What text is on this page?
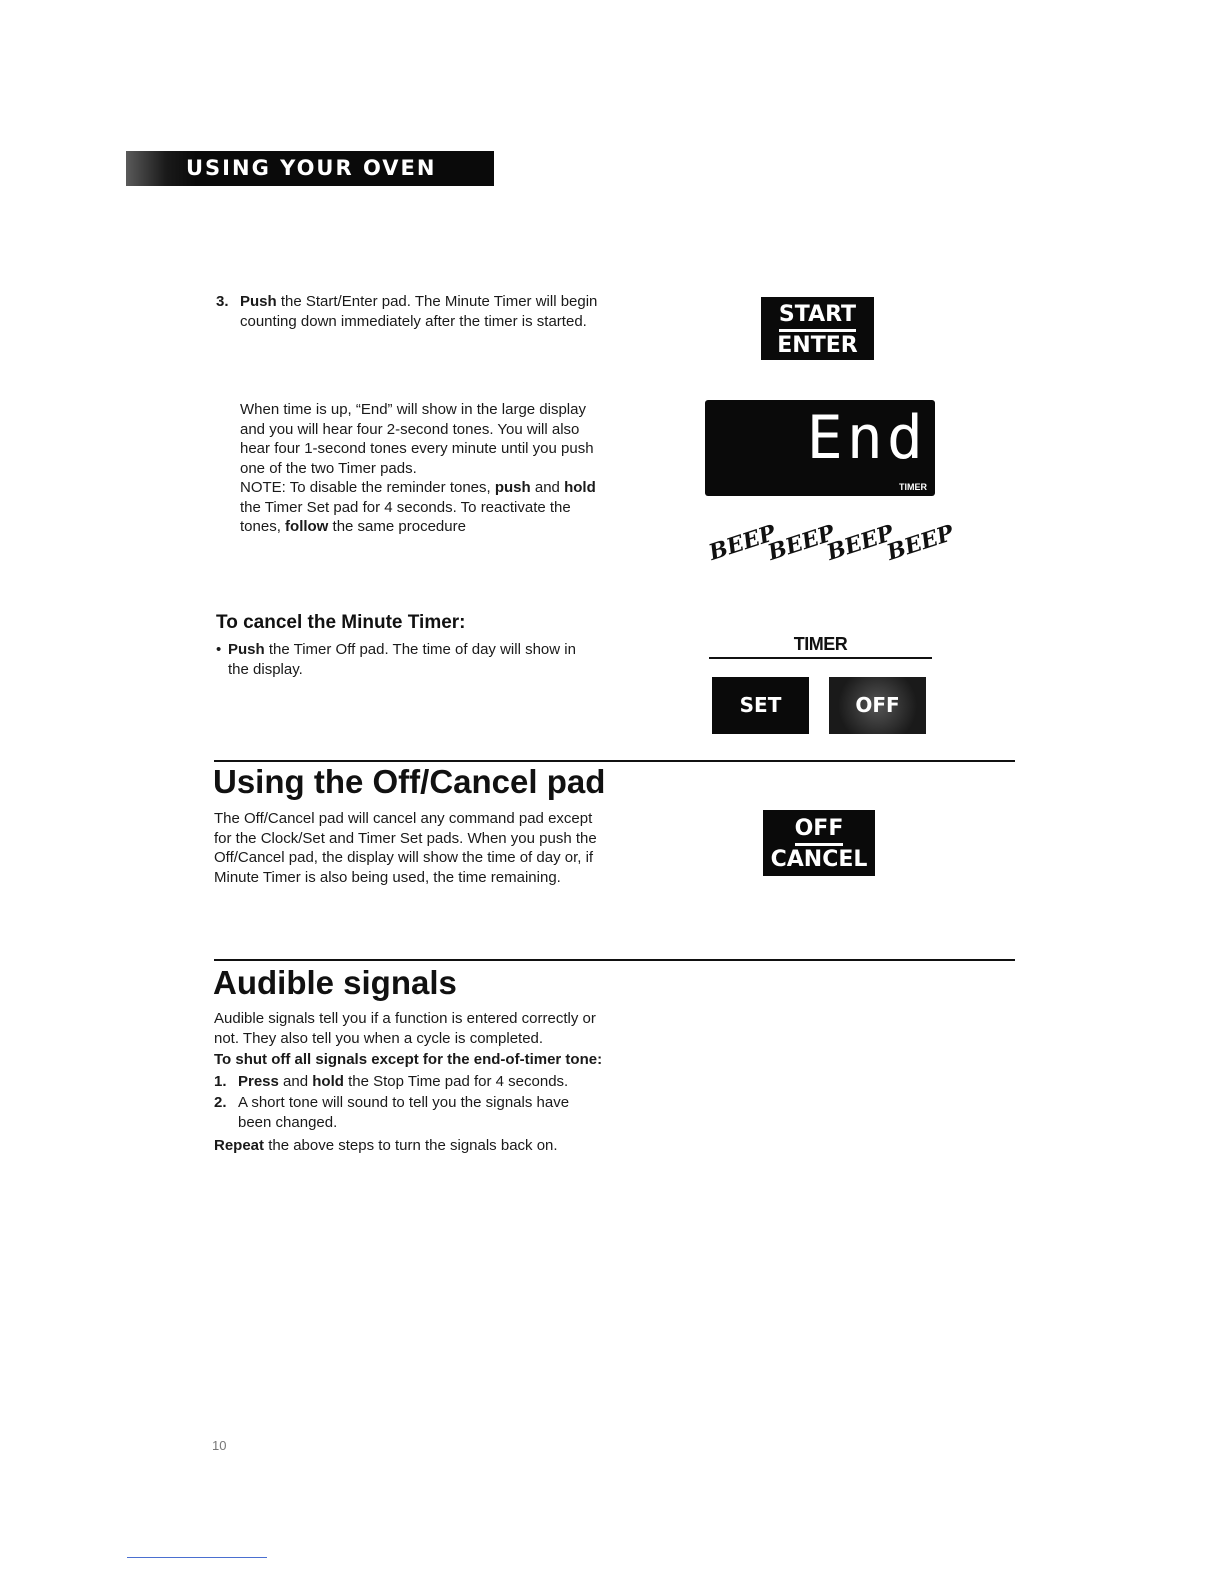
USING YOUR OVEN
3. Push the Start/Enter pad. The Minute Timer will begin counting down immediately after the timer is started.	START
ENTER

When time is up, “End” will show in the large display and you will hear four 2-second tones. You will also hear four 1-second tones every minute until you push one of the two Timer pads.

NOTE: To disable the reminder tones, push and hold the Timer Set pad for 4 seconds. To reactivate the tones, follow the same procedure

End
TIMER
BEEP
BEEP
BEEP
BEEP
To cancel the Minute Timer:
• Push the Timer Off pad. The time of day will show in the display.

TIMER
SET	OFF
Using the Off/Cancel pad

The Off/Cancel pad will cancel any command pad except for the Clock/Set and Timer Set pads. When you push the Off/Cancel pad, the display will show the time of day or, if Minute Timer is also being used, the time remaining.

OFF
CANCEL
Audible signals

Audible signals tell you if a function is entered correctly or not. They also tell you when a cycle is completed.

To shut off all signals except for the end-of-timer tone:

1. Press and hold the Stop Time pad for 4 seconds.

2. A short tone will sound to tell you the signals have been changed.

Repeat the above steps to turn the signals back on.

10
